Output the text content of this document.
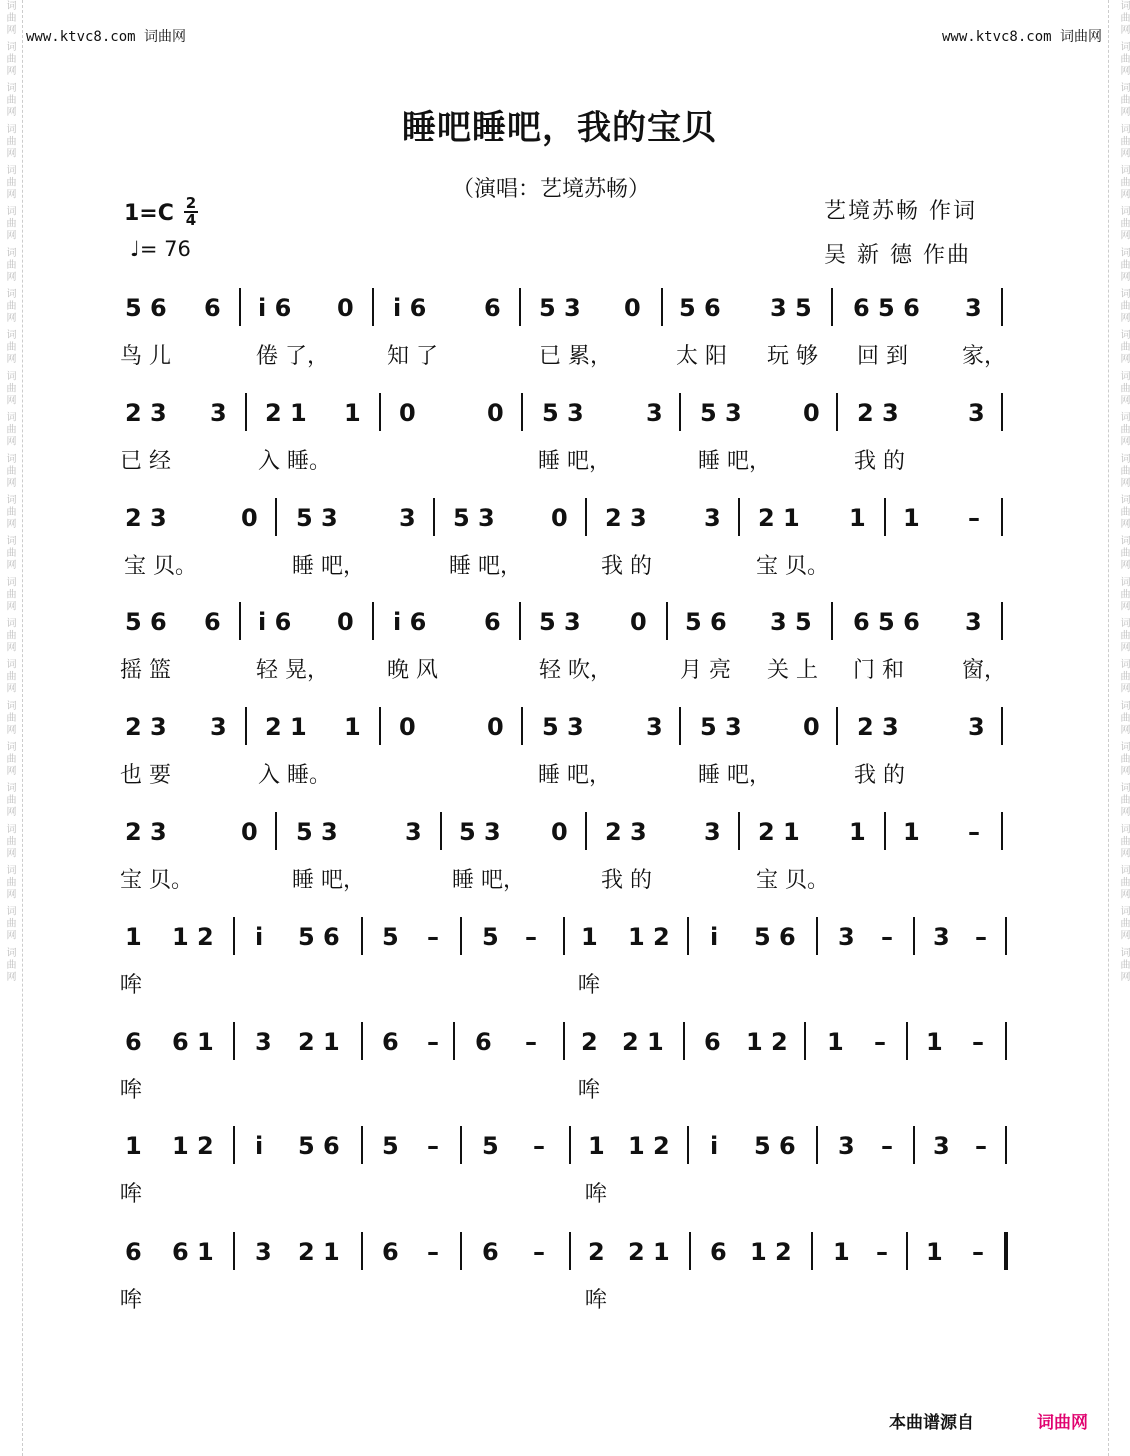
词曲网 词曲网 词曲网 词曲网 词曲网 词曲网 词曲网 词曲网 词曲网 词曲网 词曲网 词曲网 词曲网 词曲网 词曲网 词曲网 词曲网 词曲网 词曲网 词曲网 词曲网 词曲网 词曲网 词曲网	词曲网 词曲网 词曲网 词曲网 词曲网 词曲网 词曲网 词曲网 词曲网 词曲网 词曲网 词曲网 词曲网 词曲网 词曲网 词曲网 词曲网 词曲网 词曲网 词曲网 词曲网 词曲网 词曲网 词曲网
www.ktvc8.com 词曲网	www.ktvc8.com 词曲网
睡吧睡吧，我的宝贝
（演唱：艺境苏畅）
1=C 2
4
♩= 76
艺境苏畅 作词
吴 新 德 作曲
5 6 6 i 6 0 i 6 6 5 3 0 5 6 3 5 6 5 6 3
鸟 儿	倦 了，	知 了	已 累，	太 阳 玩 够 回 到 家，
2 3 3 2 1 1 0	0 5 3	3 5 3	0 2 3	3
已 经	入 睡。	睡 吧，	睡 吧，	我 的
2 3	0 5 3	3 5 3 0 2 3 3 2 1 1 1 –
宝 贝。	睡 吧，	睡 吧，	我 的	宝 贝。
5 6 6 i 6 0 i 6 6 5 3 0 5 6 3 5 6 5 6 3
摇 篮	轻 晃，	晚 风	轻 吹，	月 亮 关 上 门 和	窗，
2 3 3 2 1 1 0	0 5 3	3 5 3	0 2 3	3
也 要	入 睡。	睡 吧，	睡 吧，	我 的
2 3	0 5 3	3 5 3 0 2 3 3 2 1 1 1 –
宝 贝。	睡 吧，	睡 吧，	我 的	宝 贝。
1 1 2 i 5 6 5 – 5 – 1 1 2 i 5 6 3 – 3 –
哞	哞
6 6 1 3 2 1 6 – 6 – 2 2 1 6 1 2 1 – 1 –
哞	哞
1 1 2 i 5 6 5 – 5 – 1 1 2 i 5 6 3 – 3 –
哞	哞
6 6 1 3 2 1 6 – 6 – 2 2 1 6 1 2 1 – 1 –
哞	哞
本曲谱源自	词曲网
